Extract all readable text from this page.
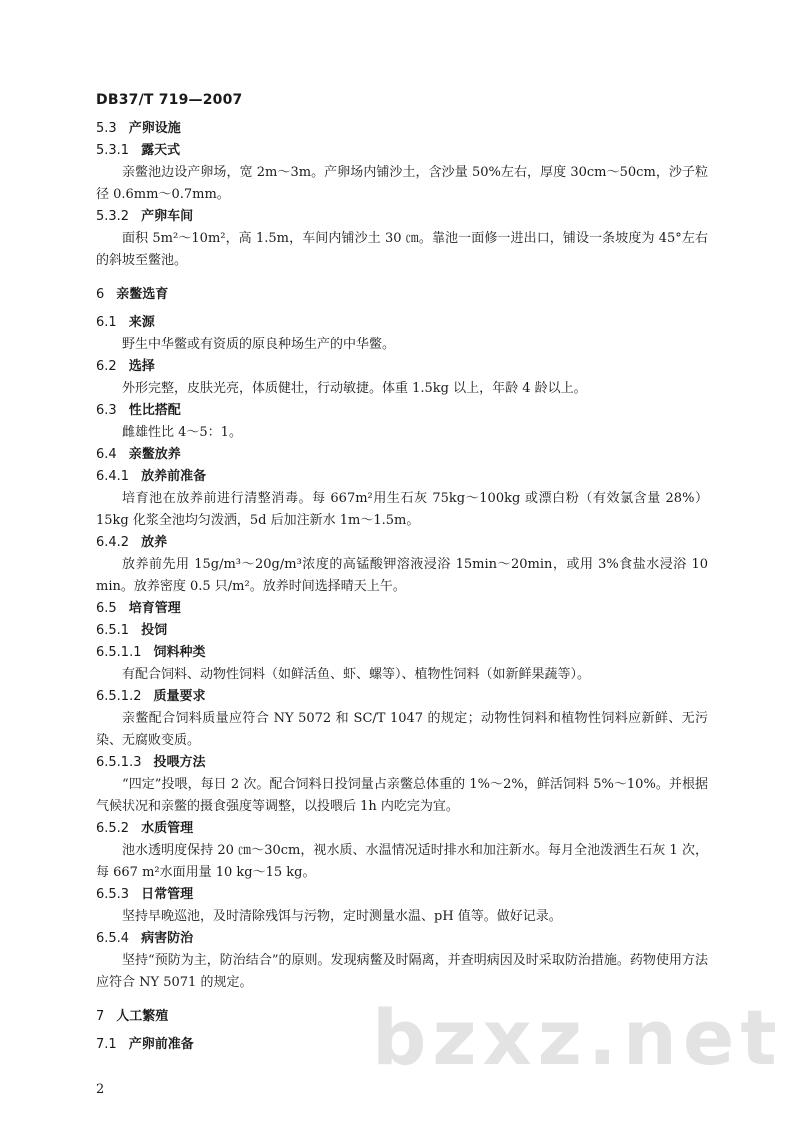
DB37/T 719—2007
5.3 产卵设施
5.3.1 露天式
亲鳖池边设产卵场，宽 2m～3m。产卵场内铺沙土，含沙量 50%左右，厚度 30cm～50cm，沙子粒径 0.6mm～0.7mm。
5.3.2 产卵车间
面积 5m²～10m²，高 1.5m，车间内铺沙土 30 ㎝。靠池一面修一进出口，铺设一条坡度为 45°左右的斜坡至鳖池。
6 亲鳖选育
6.1 来源
野生中华鳖或有资质的原良种场生产的中华鳖。
6.2 选择
外形完整，皮肤光亮，体质健壮，行动敏捷。体重 1.5kg 以上，年龄 4 龄以上。
6.3 性比搭配
雌雄性比 4～5：1。
6.4 亲鳖放养
6.4.1 放养前准备
培育池在放养前进行清整消毒。每 667m²用生石灰 75kg～100kg 或漂白粉（有效氯含量 28%）15kg 化浆全池均匀泼洒，5d 后加注新水 1m～1.5m。
6.4.2 放养
放养前先用 15g/m³～20g/m³浓度的高锰酸钾溶液浸浴 15min～20min，或用 3%食盐水浸浴 10 min。放养密度 0.5 只/m²。放养时间选择晴天上午。
6.5 培育管理
6.5.1 投饲
6.5.1.1 饲料种类
有配合饲料、动物性饲料（如鲜活鱼、虾、螺等）、植物性饲料（如新鲜果蔬等）。
6.5.1.2 质量要求
亲鳖配合饲料质量应符合 NY 5072 和 SC/T 1047 的规定；动物性饲料和植物性饲料应新鲜、无污染、无腐败变质。
6.5.1.3 投喂方法
“四定”投喂，每日 2 次。配合饲料日投饲量占亲鳖总体重的 1%～2%，鲜活饲料 5%～10%。并根据气候状况和亲鳖的摄食强度等调整，以投喂后 1h 内吃完为宜。
6.5.2 水质管理
池水透明度保持 20 ㎝～30cm，视水质、水温情况适时排水和加注新水。每月全池泼洒生石灰 1 次，每 667 m²水面用量 10 kg～15 kg。
6.5.3 日常管理
坚持早晚巡池，及时清除残饵与污物，定时测量水温、pH 值等。做好记录。
6.5.4 病害防治
坚持“预防为主，防治结合”的原则。发现病鳖及时隔离，并查明病因及时采取防治措施。药物使用方法应符合 NY 5071 的规定。
7 人工繁殖
7.1 产卵前准备 bzxz.net
2
